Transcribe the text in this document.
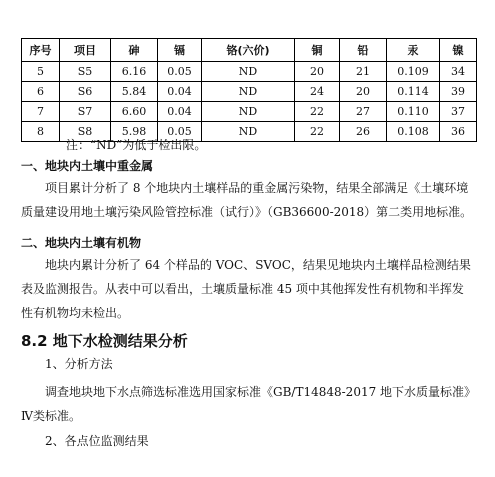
序号	项目	砷	镉	铬(六价)	铜	铅	汞	镍
5	S5	6.16	0.05	ND	20	21	0.109	34
6	S6	5.84	0.04	ND	24	20	0.114	39
7	S7	6.60	0.04	ND	22	27	0.110	37
8	S8	5.98	0.05	ND	22	26	0.108	36
注：“ND”为低于检出限。
一、地块内土壤中重金属
项目累计分析了 8 个地块内土壤样品的重金属污染物，结果全部满足《土壤环境
质量建设用地土壤污染风险管控标准（试行）》（GB36600-2018）第二类用地标准。
二、地块内土壤有机物
地块内累计分析了 64 个样品的 VOC、SVOC，结果见地块内土壤样品检测结果
表及监测报告。从表中可以看出，土壤质量标准 45 项中其他挥发性有机物和半挥发
性有机物均未检出。
8.2 地下水检测结果分析
1、分析方法
调查地块地下水点筛选标准选用国家标准《GB/T14848-2017 地下水质量标准》
Ⅳ类标准。
2、各点位监测结果
